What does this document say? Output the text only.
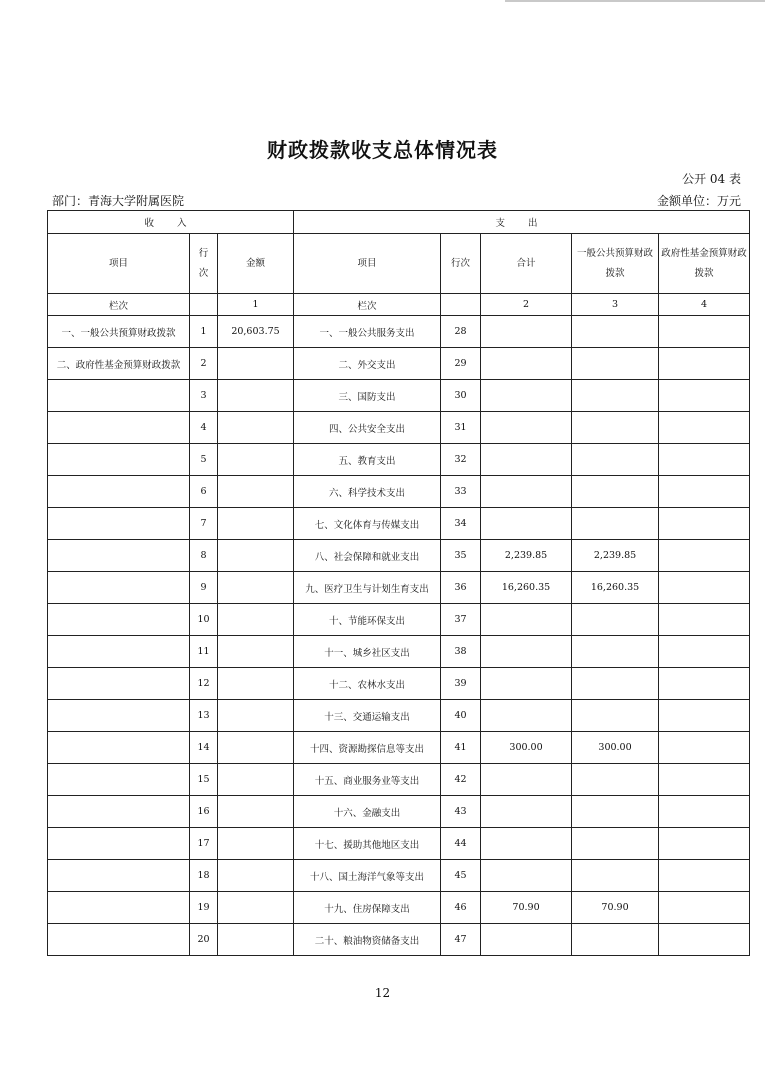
财政拨款收支总体情况表
公开 04 表
部门：青海大学附属医院	金额单位：万元
收 入			支 出				
项目	行次	金额	项目	行次	合计	一般公共预算财政拨款	政府性基金预算财政拨款

栏次		1	栏次		2	3	4
一、一般公共预算财政拨款	1	20,603.75	一、一般公共服务支出	28			
二、政府性基金预算财政拨款	2		二、外交支出	29			
	3		三、国防支出	30			
	4		四、公共安全支出	31			
	5		五、教育支出	32			
	6		六、科学技术支出	33			
	7		七、文化体育与传媒支出	34			
	8		八、社会保障和就业支出	35	2,239.85	2,239.85	
	9		九、医疗卫生与计划生育支出	36	16,260.35	16,260.35	
	10		十、节能环保支出	37			
	11		十一、城乡社区支出	38			
	12		十二、农林水支出	39			
	13		十三、交通运输支出	40			
	14		十四、资源勘探信息等支出	41	300.00	300.00	
	15		十五、商业服务业等支出	42			
	16		十六、金融支出	43			
	17		十七、援助其他地区支出	44			
	18		十八、国土海洋气象等支出	45			
	19		十九、住房保障支出	46	70.90	70.90	
	20		二十、粮油物资储备支出	47			
12
